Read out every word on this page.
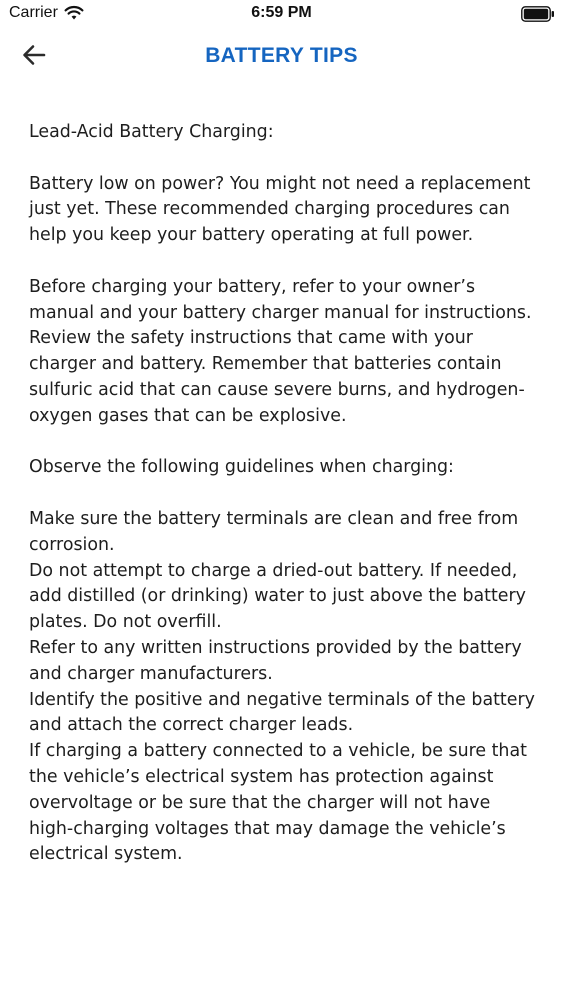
Carrier	6:59 PM
BATTERY TIPS

Lead-Acid Battery Charging:

Battery low on power? You might not need a replacement just yet. These recommended charging procedures can help you keep your battery operating at full power.

Before charging your battery, refer to your owner’s manual and your battery charger manual for instructions. Review the safety instructions that came with your charger and battery. Remember that batteries contain sulfuric acid that can cause severe burns, and hydrogen-oxygen gases that can be explosive.

Observe the following guidelines when charging:

Make sure the battery terminals are clean and free from corrosion.

Do not attempt to charge a dried-out battery. If needed, add distilled (or drinking) water to just above the battery plates. Do not overfill.

Refer to any written instructions provided by the battery and charger manufacturers.

Identify the positive and negative terminals of the battery and attach the correct charger leads.

If charging a battery connected to a vehicle, be sure that the vehicle’s electrical system has protection against overvoltage or be sure that the charger will not have high-charging voltages that may damage the vehicle’s electrical system.
